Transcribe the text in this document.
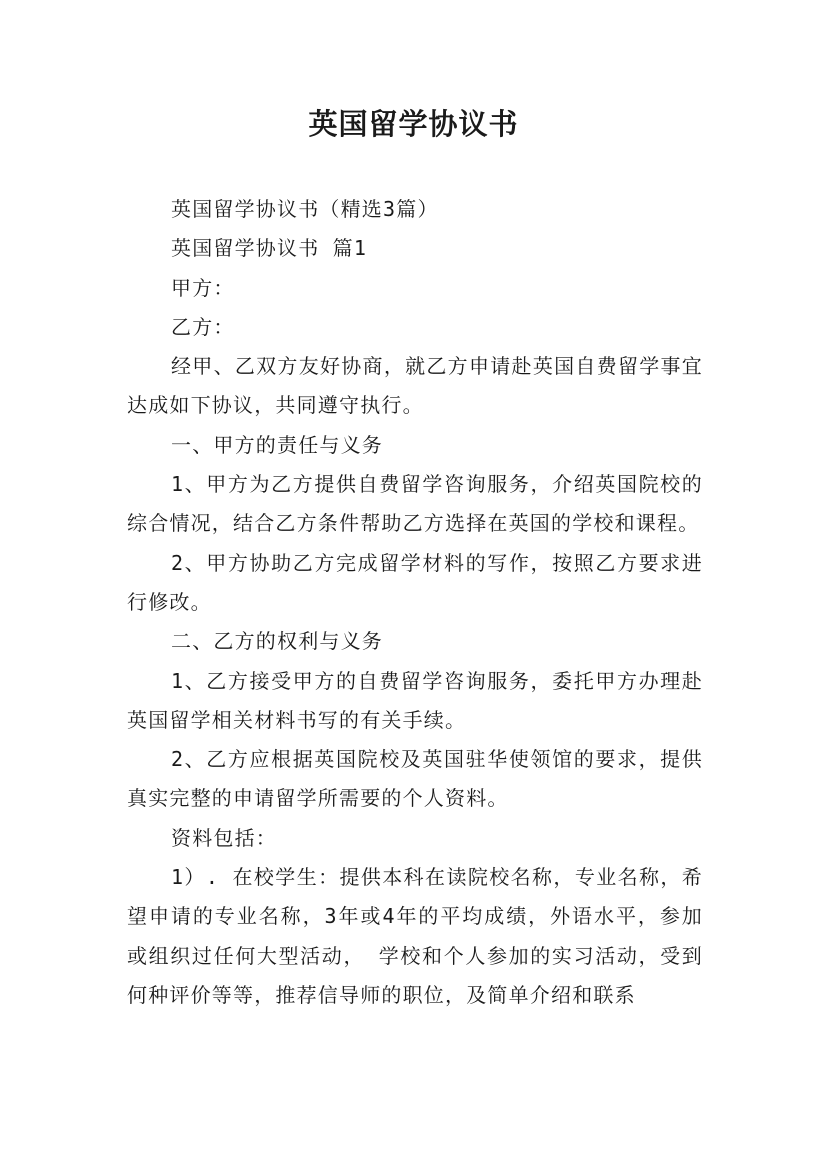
英国留学协议书

英国留学协议书（精选3篇）

英国留学协议书 篇1

甲方：

乙方：

经甲、乙双方友好协商，就乙方申请赴英国自费留学事宜达成如下协议，共同遵守执行。

一、甲方的责任与义务

1、甲方为乙方提供自费留学咨询服务，介绍英国院校的综合情况，结合乙方条件帮助乙方选择在英国的学校和课程。

2、甲方协助乙方完成留学材料的写作，按照乙方要求进行修改。

二、乙方的权利与义务

1、乙方接受甲方的自费留学咨询服务，委托甲方办理赴英国留学相关材料书写的有关手续。

2、乙方应根据英国院校及英国驻华使领馆的要求，提供真实完整的申请留学所需要的个人资料。

资料包括：

1）. 在校学生：提供本科在读院校名称，专业名称，希望申请的专业名称，3年或4年的平均成绩，外语水平，参加或组织过任何大型活动， 学校和个人参加的实习活动，受到何种评价等等，推荐信导师的职位，及简单介绍和联系
